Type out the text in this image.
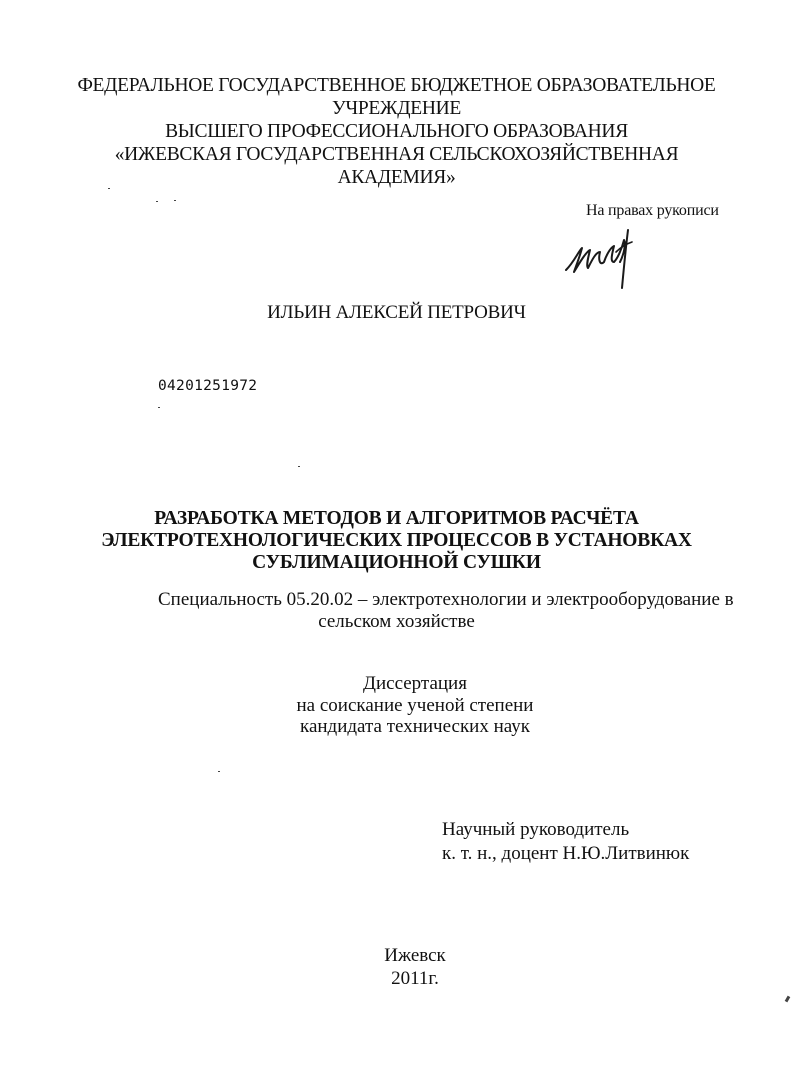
ФЕДЕРАЛЬНОЕ ГОСУДАРСТВЕННОЕ БЮДЖЕТНОЕ ОБРАЗОВАТЕЛЬНОЕ
УЧРЕЖДЕНИЕ
ВЫСШЕГО ПРОФЕССИОНАЛЬНОГО ОБРАЗОВАНИЯ
«ИЖЕВСКАЯ ГОСУДАРСТВЕННАЯ СЕЛЬСКОХОЗЯЙСТВЕННАЯ
АКАДЕМИЯ»
На правах рукописи
ИЛЬИН АЛЕКСЕЙ ПЕТРОВИЧ
04201251972
РАЗРАБОТКА МЕТОДОВ И АЛГОРИТМОВ РАСЧЁТА
ЭЛЕКТРОТЕХНОЛОГИЧЕСКИХ ПРОЦЕССОВ В УСТАНОВКАХ
СУБЛИМАЦИОННОЙ СУШКИ
Специальность 05.20.02 – электротехнологии и электрооборудование в
сельском хозяйстве
Диссертация
на соискание ученой степени
кандидата технических наук
Научный руководитель
к. т. н., доцент Н.Ю.Литвинюк
Ижевск
2011г.
